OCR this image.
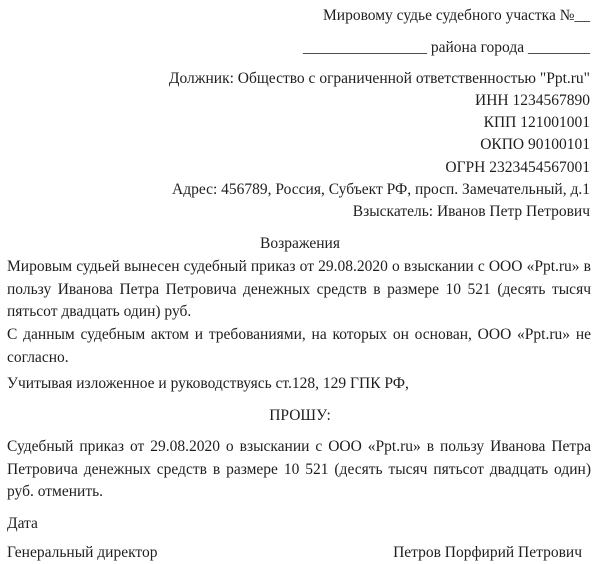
Мировому судье судебного участка №__
________________ района города ________
Должник: Общество с ограниченной ответственностью "Ppt.ru"
ИНН 1234567890
КПП 121001001
ОКПО 90100101
ОГРН 2323454567001
Адрес: 456789, Россия, Субъект РФ, просп. Замечательный, д.1
Взыскатель: Иванов Петр Петрович
Возражения
Мировым судьей вынесен судебный приказ от 29.08.2020 о взыскании с ООО «Ppt.ru» в пользу Иванова Петра Петровича денежных средств в размере 10 521 (десять тысяч пятьсот двадцать один) руб.
С данным судебным актом и требованиями, на которых он основан, ООО «Ppt.ru» не согласно.
Учитывая изложенное и руководствуясь ст.128, 129 ГПК РФ,
ПРОШУ:
Судебный приказ от 29.08.2020 о взыскании с ООО «Ppt.ru» в пользу Иванова Петра Петровича денежных средств в размере 10 521 (десять тысяч пятьсот двадцать один) руб. отменить.
Дата
Генеральный директор	Петров Порфирий Петрович
